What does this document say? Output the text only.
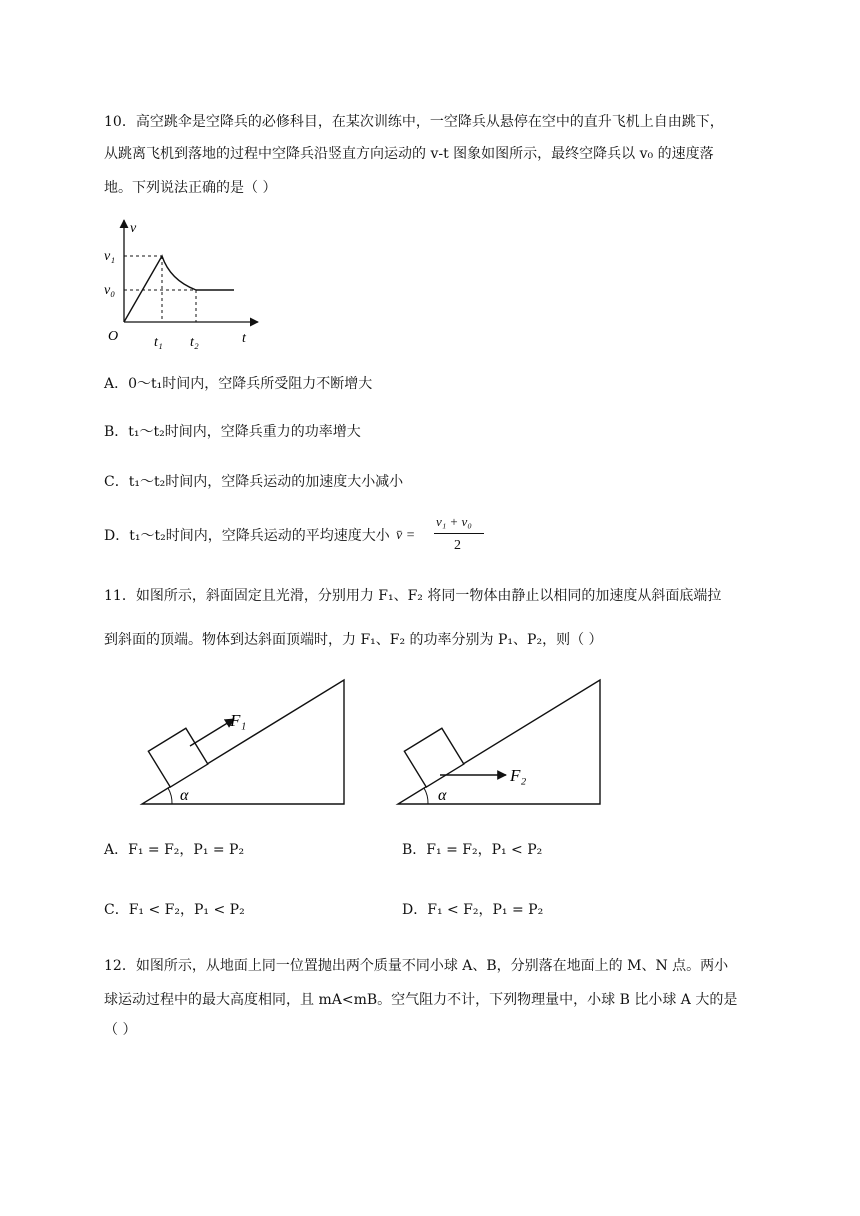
10．高空跳伞是空降兵的必修科目，在某次训练中，一空降兵从悬停在空中的直升飞机上自由跳下，
从跳离飞机到落地的过程中空降兵沿竖直方向运动的 v-t 图象如图所示，最终空降兵以 v₀ 的速度落
地。下列说法正确的是（ ）
v
v₁
v₀
O	t₁ t₂	t
A．0～t₁时间内，空降兵所受阻力不断增大
B．t₁～t₂时间内，空降兵重力的功率增大
C．t₁～t₂时间内，空降兵运动的加速度大小减小
D．t₁～t₂时间内，空降兵运动的平均速度大小 v̄ =
v₁ + v₀
2
11．如图所示，斜面固定且光滑，分别用力 F₁、F₂ 将同一物体由静止以相同的加速度从斜面底端拉
到斜面的顶端。物体到达斜面顶端时，力 F₁、F₂ 的功率分别为 P₁、P₂，则（ ）
F₁
α
F₂
α
A．F₁ = F₂，P₁ = P₂	B．F₁ = F₂，P₁ < P₂
C．F₁ < F₂，P₁ < P₂	D．F₁ < F₂，P₁ = P₂
12．如图所示，从地面上同一位置抛出两个质量不同小球 A、B，分别落在地面上的 M、N 点。两小
球运动过程中的最大高度相同，且 mA<mB。空气阻力不计，下列物理量中，小球 B 比小球 A 大的是
（ ）
